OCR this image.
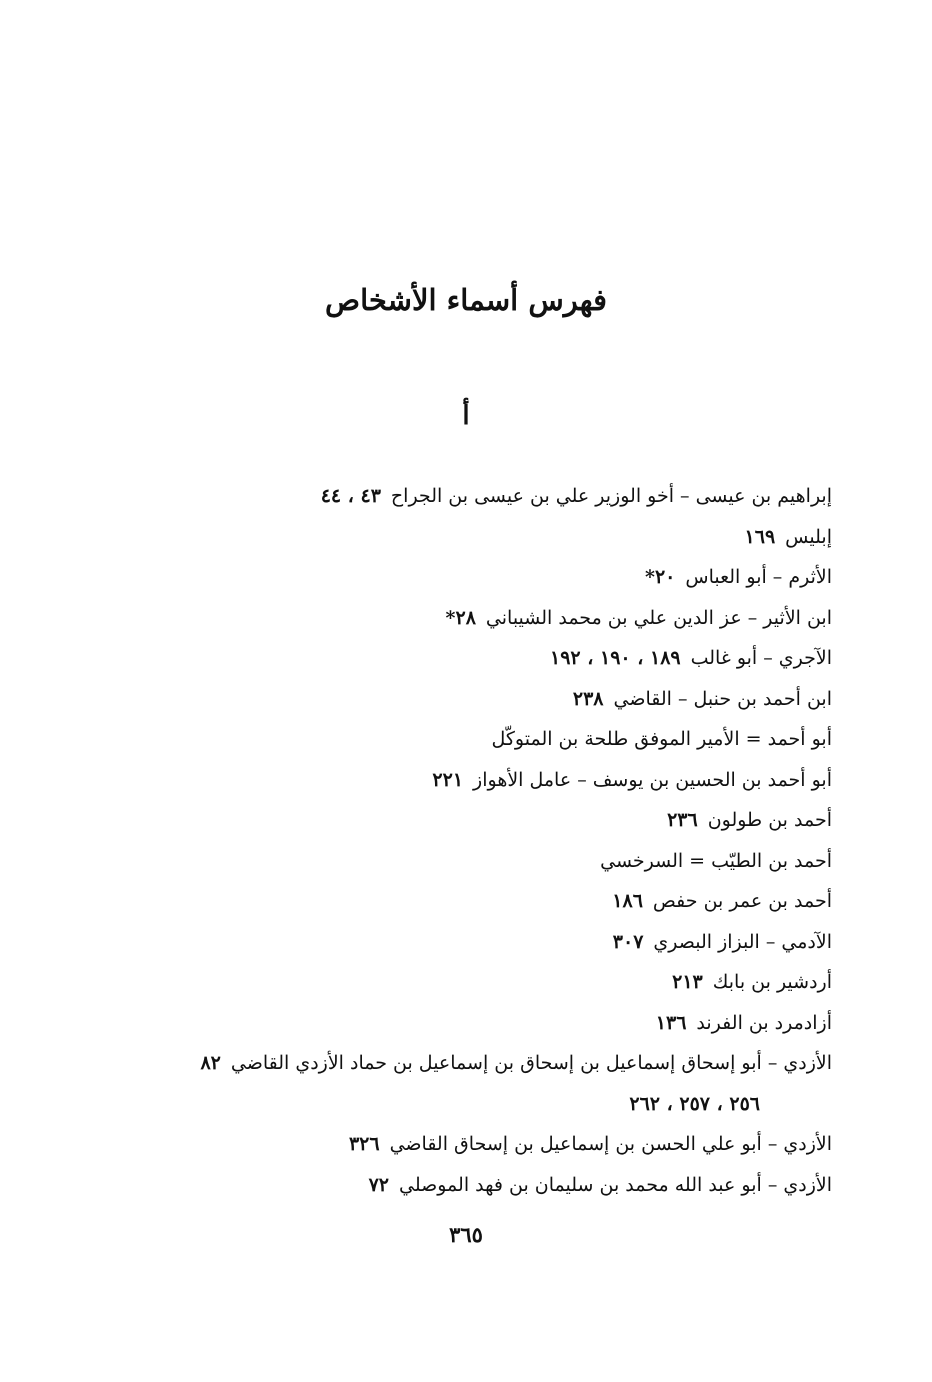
فهرس أسماء الأشخاص
أ
إبراهيم بن عيسى – أخو الوزير علي بن عيسى بن الجراح٤٣ ، ٤٤
إبليس١٦٩
الأثرم – أبو العباس٢٠*
ابن الأثير – عز الدين علي بن محمد الشيباني٢٨*
الآجري – أبو غالب١٨٩ ، ١٩٠ ، ١٩٢
ابن أحمد بن حنبل – القاضي٢٣٨
أبو أحمد = الأمير الموفق طلحة بن المتوكّل
أبو أحمد بن الحسين بن يوسف – عامل الأهواز٢٢١
أحمد بن طولون٢٣٦
أحمد بن الطيّب = السرخسي
أحمد بن عمر بن حفص١٨٦
الآدمي – البزاز البصري٣٠٧
أردشير بن بابك٢١٣
أزادمرد بن الفرند١٣٦
الأزدي – أبو إسحاق إسماعيل بن إسحاق بن إسماعيل بن حماد الأزدي القاضي٨٢
٢٥٦ ، ٢٥٧ ، ٢٦٢
الأزدي – أبو علي الحسن بن إسماعيل بن إسحاق القاضي٣٢٦
الأزدي – أبو عبد الله محمد بن سليمان بن فهد الموصلي٧٢
٣٦٥
